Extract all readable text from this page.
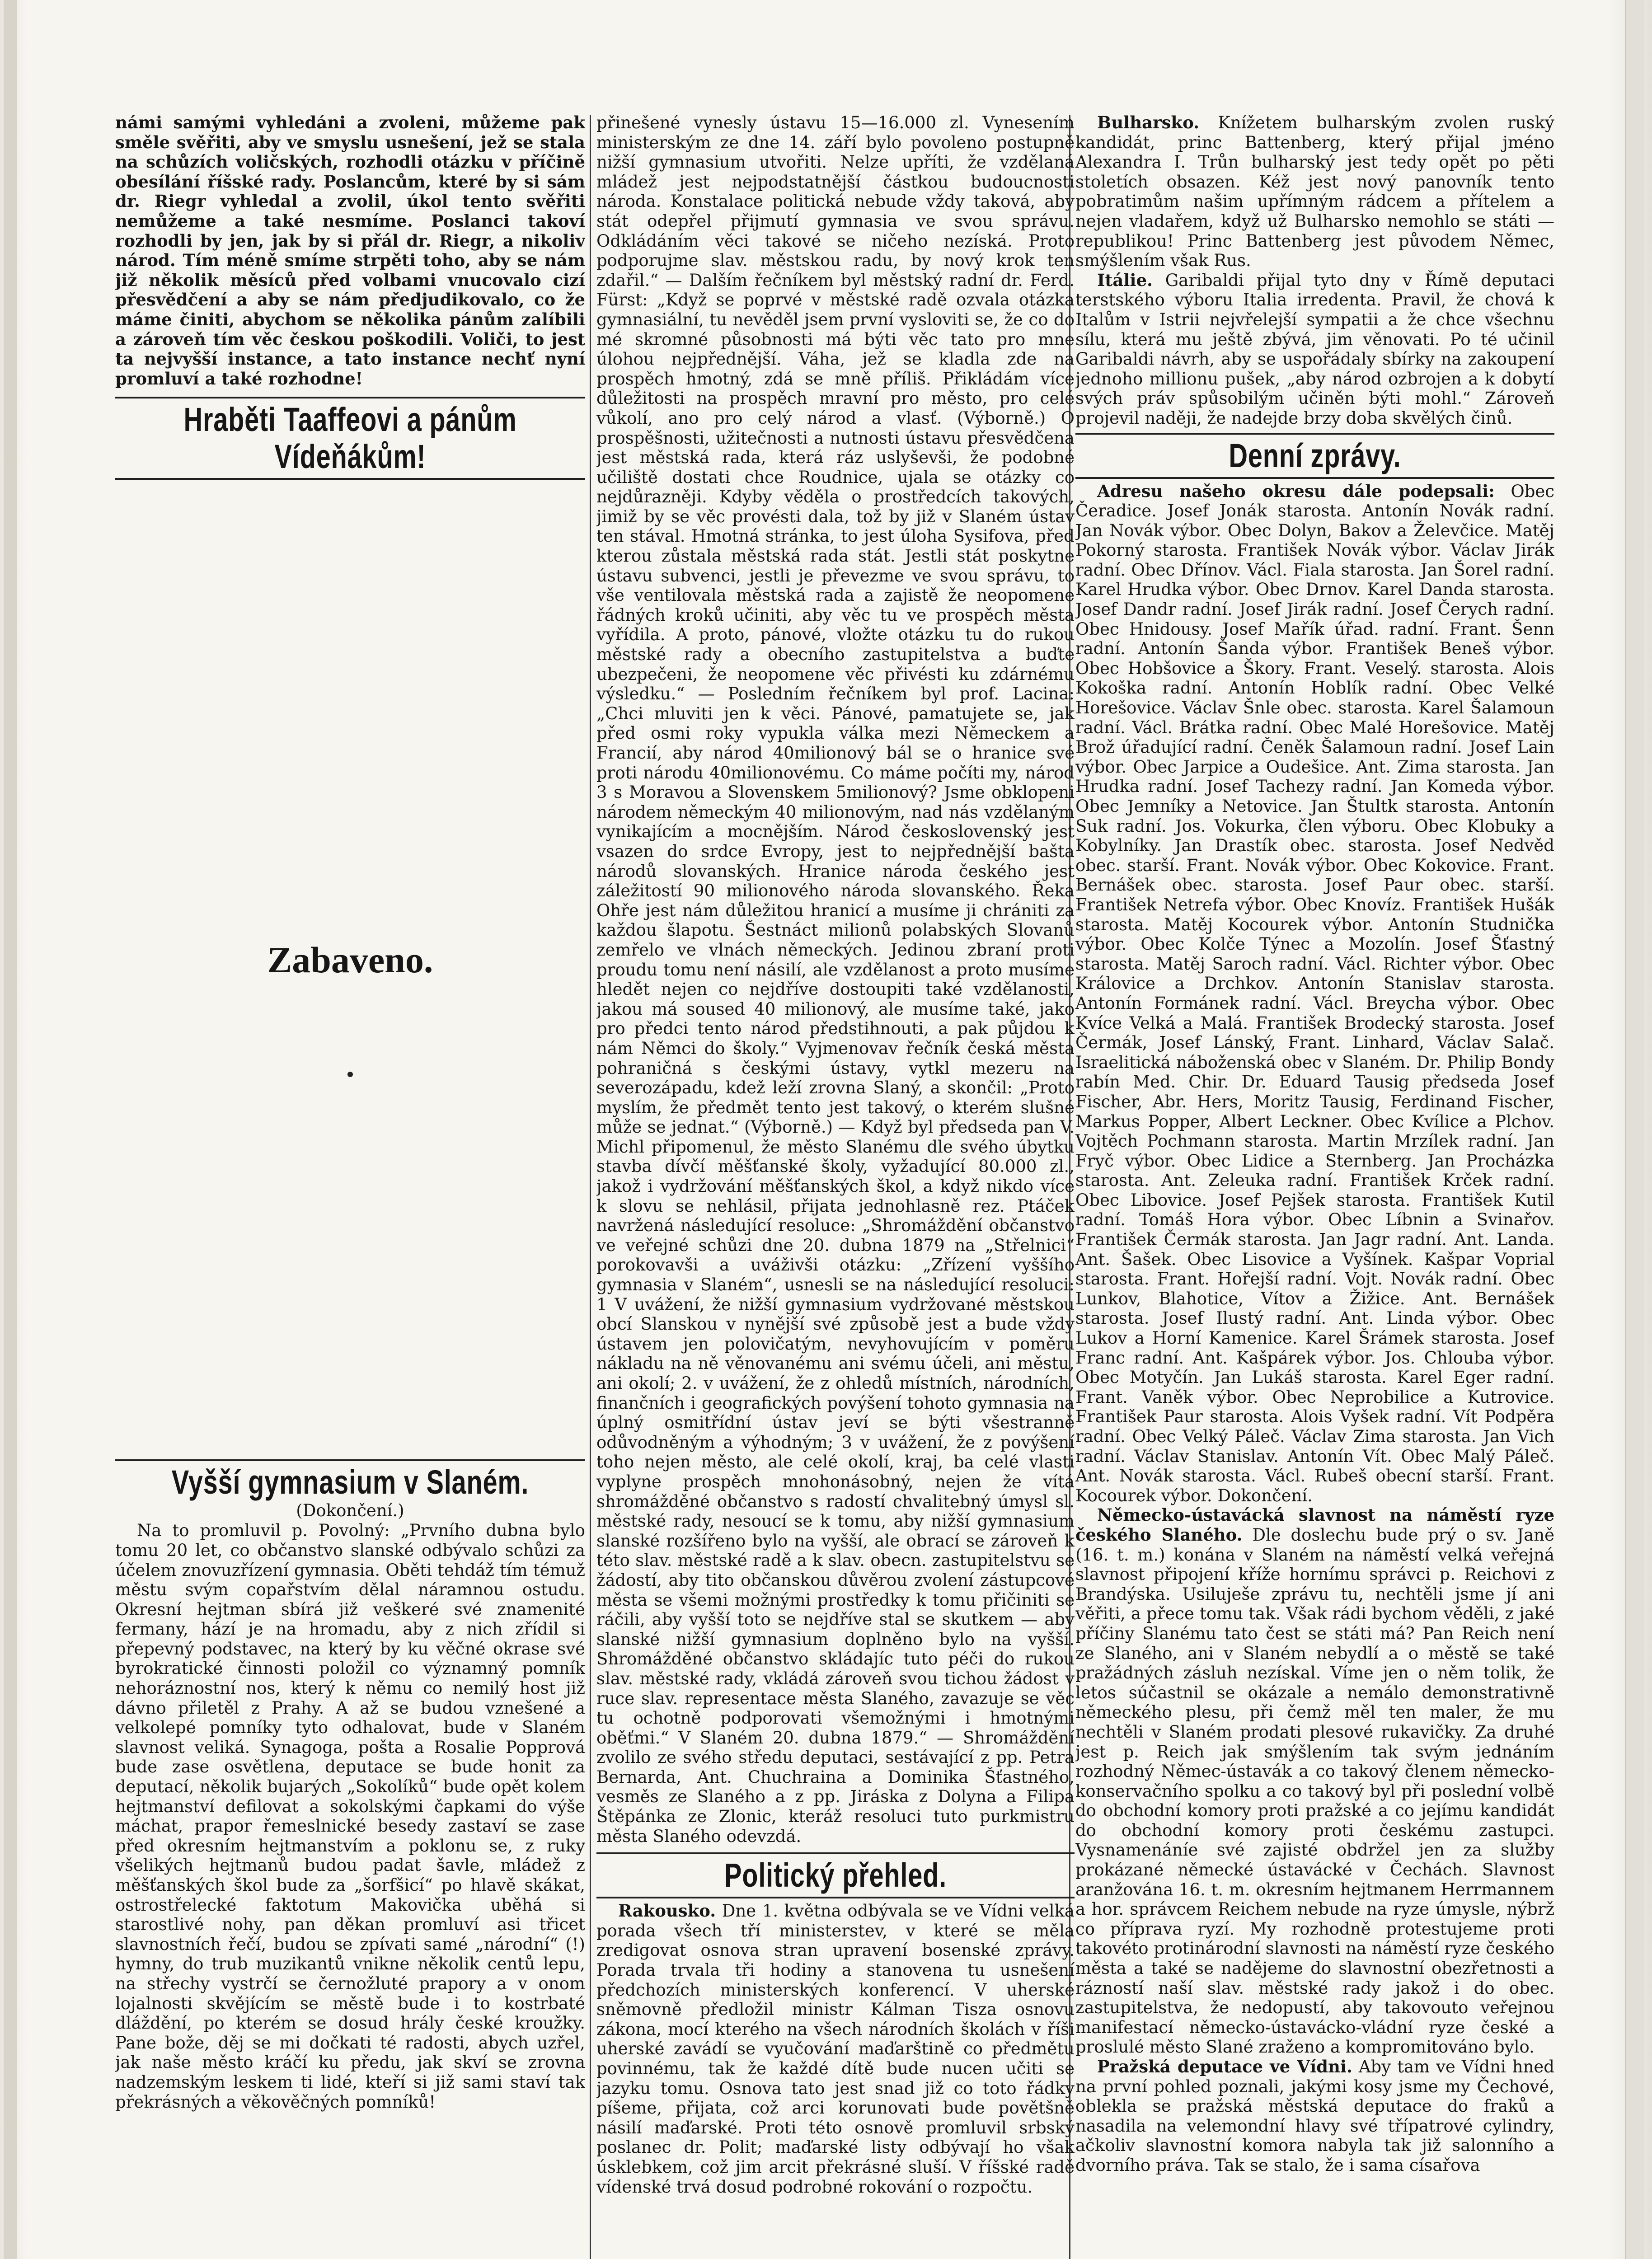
námi samými vyhledáni a zvoleni, můžeme pak směle svěřiti, aby ve smyslu usnešení, jež se stala na schůzích voličských, rozhodli otázku v příčině obesílání říšské rady. Poslancům, které by si sám dr. Riegr vyhledal a zvolil, úkol tento svěřiti nemůžeme a také nesmíme. Poslanci takoví rozhodli by jen, jak by si přál dr. Riegr, a nikoliv národ. Tím méně smíme strpěti toho, aby se nám již několik měsíců před volbami vnucovalo cizí přesvědčení a aby se nám předjudikovalo, co že máme činiti, abychom se několika pánům zalíbili a zároveň tím věc českou poškodili. Voliči, to jest ta nejvyšší instance, a tato instance nechť nyní promluví a také rozhodne!

Hraběti Taaffeovi a pánům Vídeňákům!

Zabaveno.

Vyšší gymnasium v Slaném.

(Dokončení.)

Na to promluvil p. Povolný: „Prvního dubna bylo tomu 20 let, co občanstvo slanské odbývalo schůzi za účelem znovuzřízení gymnasia. Oběti tehdáž tím témuž městu svým copařstvím dělal náramnou ostudu. Okresní hejtman sbírá již veškeré své znamenité fermany, hází je na hromadu, aby z nich zřídil si přepevný podstavec, na který by ku věčné okrase své byrokratické činnosti položil co významný pomník nehoráznostní nos, který k němu co nemilý host již dávno přiletěl z Prahy. A až se budou vznešené a velkolepé pomníky tyto odhalovat, bude v Slaném slavnost veliká. Synagoga, pošta a Rosalie Popprová bude zase osvětlena, deputace se bude honit za deputací, několik bujarých „Sokolíků“ bude opět kolem hejtmanství defilovat a sokolskými čapkami do výše máchat, prapor řemeslnické besedy zastaví se zase před okresním hejtmanstvím a poklonu se, z ruky všelikých hejtmanů budou padat šavle, mládež z měšťanských škol bude za „šorfšicí“ po hlavě skákat, ostrostřelecké faktotum Makovička uběhá si starostlivé nohy, pan děkan promluví asi třicet slavnostních řečí, budou se zpívati samé „národní“ (!) hymny, do trub muzikantů vnikne několik centů lepu, na střechy vystrčí se černožluté prapory a v onom lojalnosti skvějícím se městě bude i to kostrbaté dláždění, po kterém se dosud hrály české kroužky. Pane bože, děj se mi dočkati té radosti, abych uzřel, jak naše město kráčí ku předu, jak skví se zrovna nadzemským leskem ti lidé, kteří si již sami staví tak překrásných a věkověčných pomníků!

přinešené vynesly ústavu 15—16.000 zl. Vynesením ministerským ze dne 14. září bylo povoleno postupně nižší gymnasium utvořiti. Nelze upříti, že vzdělaná mládež jest nejpodstatnější částkou budoucnosti národa. Konstalace politická nebude vždy taková, aby stát odepřel přijmutí gymnasia ve svou správu. Odkládáním věci takové se ničeho nezíská. Proto podporujme slav. městskou radu, by nový krok ten zdařil.“ — Dalším řečníkem byl městský radní dr. Ferd. Fürst: „Když se poprvé v městské radě ozvala otázka gymnasiální, tu nevěděl jsem první vysloviti se, že co do mé skromné působnosti má býti věc tato pro mne úlohou nejpřednější. Váha, jež se kladla zde na prospěch hmotný, zdá se mně příliš. Přikládám více důležitosti na prospěch mravní pro město, pro celé vůkolí, ano pro celý národ a vlasť. (Výborně.) O prospěšnosti, užitečnosti a nutnosti ústavu přesvědčena jest městská rada, která ráz uslyševši, že podobné učiliště dostati chce Roudnice, ujala se otázky co nejdůrazněji. Kdyby věděla o prostředcích takových, jimiž by se věc provésti dala, tož by již v Slaném ústav ten stával. Hmotná stránka, to jest úloha Sysifova, před kterou zůstala městská rada stát. Jestli stát poskytne ústavu subvenci, jestli je převezme ve svou správu, to vše ventilovala městská rada a zajistě že neopomene řádných kroků učiniti, aby věc tu ve prospěch města vyřídila. A proto, pánové, vložte otázku tu do rukou městské rady a obecního zastupitelstva a buďte ubezpečeni, že neopomene věc přivésti ku zdárnému výsledku.“ — Posledním řečníkem byl prof. Lacina: „Chci mluviti jen k věci. Pánové, pamatujete se, jak před osmi roky vypukla válka mezi Německem a Francií, aby národ 40milionový bál se o hranice své proti národu 40milionovému. Co máme počíti my, národ 3 s Moravou a Slovenskem 5milionový? Jsme obklopeni národem německým 40 milionovým, nad nás vzdělaným vynikajícím a mocnějším. Národ československý jest vsazen do srdce Evropy, jest to nejpřednější bašta národů slovanských. Hranice národa českého jest záležitostí 90 milionového národa slovanského. Řeka Ohře jest nám důležitou hranicí a musíme ji chrániti za každou šlapotu. Šestnáct milionů polabských Slovanů zemřelo ve vlnách německých. Jedinou zbraní proti proudu tomu není násilí, ale vzdělanost a proto musíme hledět nejen co nejdříve dostoupiti také vzdělanosti, jakou má soused 40 milionový, ale musíme také, jako pro předci tento národ předstihnouti, a pak půjdou k nám Němci do školy.“ Vyjmenovav řečník česká města pohraničná s českými ústavy, vytkl mezeru na severozápadu, kdež leží zrovna Slaný, a skončil: „Proto myslím, že předmět tento jest takový, o kterém slušné může se jednat.“ (Výborně.) — Když byl předseda pan V. Michl připomenul, že město Slanému dle svého úbytku stavba dívčí měšťanské školy, vyžadující 80.000 zl., jakož i vydržování měšťanských škol, a když nikdo více k slovu se nehlásil, přijata jednohlasně rez. Ptáček navržená následující resoluce: „Shromáždění občanstvo ve veřejné schůzi dne 20. dubna 1879 na „Střelnici“ porokovavši a uváživši otázku: „Zřízení vyššího gymnasia v Slaném“, usnesli se na následující resoluci: 1 V uvážení, že nižší gymnasium vydržované městskou obcí Slanskou v nynější své způsobě jest a bude vždy ústavem jen polovičatým, nevyhovujícím v poměru nákladu na ně věnovanému ani svému účeli, ani městu, ani okolí; 2. v uvážení, že z ohledů místních, národních, finančních i geografických povýšení tohoto gymnasia na úplný osmitřídní ústav jeví se býti všestranně odůvodněným a výhodným; 3 v uvážení, že z povýšení toho nejen město, ale celé okolí, kraj, ba celé vlasti vyplyne prospěch mnohonásobný, nejen že vítá shromážděné občanstvo s radostí chvalitebný úmysl sl. městské rady, nesoucí se k tomu, aby nižší gymnasium slanské rozšířeno bylo na vyšší, ale obrací se zároveň k této slav. městské radě a k slav. obecn. zastupitelstvu se žádostí, aby tito občanskou důvěrou zvolení zástupcové města se všemi možnými prostředky k tomu přičiniti se ráčili, aby vyšší toto se nejdříve stal se skutkem — aby slanské nižší gymnasium doplněno bylo na vyšší. Shromážděné občanstvo skládajíc tuto péči do rukou slav. městské rady, vkládá zároveň svou tichou žádost v ruce slav. representace města Slaného, zavazuje se věc tu ochotně podporovati všemožnými i hmotnými oběťmi.“ V Slaném 20. dubna 1879.“ — Shromáždění zvolilo ze svého středu deputaci, sestávající z pp. Petra Bernarda, Ant. Chuchraina a Dominika Šťastného, vesměs ze Slaného a z pp. Jiráska z Dolyna a Filipa Štěpánka ze Zlonic, kteráž resoluci tuto purkmistru města Slaného odevzdá.

Politický přehled.

Rakousko. Dne 1. května odbývala se ve Vídni velká porada všech tří ministerstev, v které se měla zredigovat osnova stran upravení bosenské zprávy. Porada trvala tři hodiny a stanovena tu usnešení předchozích ministerských konferencí. V uherské sněmovně předložil ministr Kálman Tisza osnovu zákona, mocí kterého na všech národních školách v říši uherské zavádí se vyučování maďarštině co předmětu povinnému, tak že každé dítě bude nucen učiti se jazyku tomu. Osnova tato jest snad již co toto řádky píšeme, přijata, což arci korunovati bude povětšně násilí maďarské. Proti této osnově promluvil srbský poslanec dr. Polit; maďarské listy odbývají ho však úsklebkem, což jim arcit překrásné sluší. V říšské radě vídenské trvá dosud podrobné rokování o rozpočtu.

Bulharsko. Knížetem bulharským zvolen ruský kandidát, princ Battenberg, který přijal jméno Alexandra I. Trůn bulharský jest tedy opět po pěti stoletích obsazen. Kéž jest nový panovník tento pobratimům našim upřímným rádcem a přítelem a nejen vladařem, když už Bulharsko nemohlo se státi — republikou! Princ Battenberg jest původem Němec, smýšlením však Rus.

Itálie. Garibaldi přijal tyto dny v Římě deputaci terstského výboru Italia irredenta. Pravil, že chová k Italům v Istrii nejvřelejší sympatii a že chce všechnu sílu, která mu ještě zbývá, jim věnovati. Po té učinil Garibaldi návrh, aby se uspořádaly sbírky na zakoupení jednoho millionu pušek, „aby národ ozbrojen a k dobytí svých práv spůsobilým učiněn býti mohl.“ Zároveň projevil naději, že nadejde brzy doba skvělých činů.

Denní zprávy.

Adresu našeho okresu dále podepsali: Obec Čeradice. Josef Jonák starosta. Antonín Novák radní. Jan Novák výbor. Obec Dolyn, Bakov a Želevčice. Matěj Pokorný starosta. František Novák výbor. Václav Jirák radní. Obec Dřínov. Václ. Fiala starosta. Jan Šorel radní. Karel Hrudka výbor. Obec Drnov. Karel Danda starosta. Josef Dandr radní. Josef Jirák radní. Josef Čerych radní. Obec Hnidousy. Josef Mařík úřad. radní. Frant. Šenn radní. Antonín Šanda výbor. František Beneš výbor. Obec Hobšovice a Škory. Frant. Veselý. starosta. Alois Kokoška radní. Antonín Hoblík radní. Obec Velké Horešovice. Václav Šnle obec. starosta. Karel Šalamoun radní. Václ. Brátka radní. Obec Malé Horešovice. Matěj Brož úřadující radní. Čeněk Šalamoun radní. Josef Lain výbor. Obec Jarpice a Oudešice. Ant. Zima starosta. Jan Hrudka radní. Josef Tachezy radní. Jan Komeda výbor. Obec Jemníky a Netovice. Jan Štultk starosta. Antonín Suk radní. Jos. Vokurka, člen výboru. Obec Klobuky a Kobylníky. Jan Drastík obec. starosta. Josef Nedvěd obec. starší. Frant. Novák výbor. Obec Kokovice. Frant. Bernášek obec. starosta. Josef Paur obec. starší. František Netrefa výbor. Obec Knovíz. František Hušák starosta. Matěj Kocourek výbor. Antonín Studnička výbor. Obec Kolče Týnec a Mozolín. Josef Šťastný starosta. Matěj Saroch radní. Václ. Richter výbor. Obec Královice a Drchkov. Antonín Stanislav starosta. Antonín Formánek radní. Václ. Breycha výbor. Obec Kvíce Velká a Malá. František Brodecký starosta. Josef Čermák, Josef Lánský, Frant. Linhard, Václav Salač. Israelitická náboženská obec v Slaném. Dr. Philip Bondy rabín Med. Chir. Dr. Eduard Tausig předseda Josef Fischer, Abr. Hers, Moritz Tausig, Ferdinand Fischer, Markus Popper, Albert Leckner. Obec Kvílice a Plchov. Vojtěch Pochmann starosta. Martin Mrzílek radní. Jan Fryč výbor. Obec Lidice a Sternberg. Jan Procházka starosta. Ant. Zeleuka radní. František Krček radní. Obec Libovice. Josef Pejšek starosta. František Kutil radní. Tomáš Hora výbor. Obec Líbnin a Svinařov. František Čermák starosta. Jan Jagr radní. Ant. Landa. Ant. Šašek. Obec Lisovice a Vyšínek. Kašpar Voprial starosta. Frant. Hořejší radní. Vojt. Novák radní. Obec Lunkov, Blahotice, Vítov a Žižice. Ant. Bernášek starosta. Josef Ilustý radní. Ant. Linda výbor. Obec Lukov a Horní Kamenice. Karel Šrámek starosta. Josef Franc radní. Ant. Kašpárek výbor. Jos. Chlouba výbor. Obec Motyčín. Jan Lukáš starosta. Karel Eger radní. Frant. Vaněk výbor. Obec Neprobilice a Kutrovice. František Paur starosta. Alois Vyšek radní. Vít Podpěra radní. Obec Velký Páleč. Václav Zima starosta. Jan Vich radní. Václav Stanislav. Antonín Vít. Obec Malý Páleč. Ant. Novák starosta. Václ. Rubeš obecní starší. Frant. Kocourek výbor. Dokončení.

Německo-ústavácká slavnost na náměstí ryze českého Slaného. Dle doslechu bude prý o sv. Janě (16. t. m.) konána v Slaném na náměstí velká veřejná slavnost připojení kříže hornímu správci p. Reichovi z Brandýska. Usiluješe zprávu tu, nechtěli jsme jí ani věřiti, a přece tomu tak. Však rádi bychom věděli, z jaké příčiny Slanému tato čest se státi má? Pan Reich není ze Slaného, ani v Slaném nebydlí a o městě se také pražádných zásluh nezískal. Víme jen o něm tolik, že letos súčastnil se okázale a nemálo demonstrativně německého plesu, při čemž měl ten maler, že mu nechtěli v Slaném prodati plesové rukavičky. Za druhé jest p. Reich jak smýšlením tak svým jednáním rozhodný Němec-ústavák a co takový členem německo-konservačního spolku a co takový byl při poslední volbě do obchodní komory proti pražské a co jejímu kandidát do obchodní komory proti českému zastupci. Vysnamenáníe své zajisté obdržel jen za služby prokázané německé ústavácké v Čechách. Slavnost aranžována 16. t. m. okresním hejtmanem Herrmannem a hor. správcem Reichem nebude na ryze úmysle, nýbrž co příprava ryzí. My rozhodně protestujeme proti takovéto protinárodní slavnosti na náměstí ryze českého města a také se nadějeme do slavnostní obezřetnosti a rázností naší slav. městské rady jakož i do obec. zastupitelstva, že nedopustí, aby takovouto veřejnou manifestací německo-ústavácko-vládní ryze české a proslulé město Slané zraženo a kompromitováno bylo.

Pražská deputace ve Vídni. Aby tam ve Vídni hned na první pohled poznali, jakými kosy jsme my Čechové, oblekla se pražská městská deputace do fraků a nasadila na velemondní hlavy své třípatrové cylindry, ačkoliv slavnostní komora nabyla tak již salonního a dvorního práva. Tak se stalo, že i sama císařova
